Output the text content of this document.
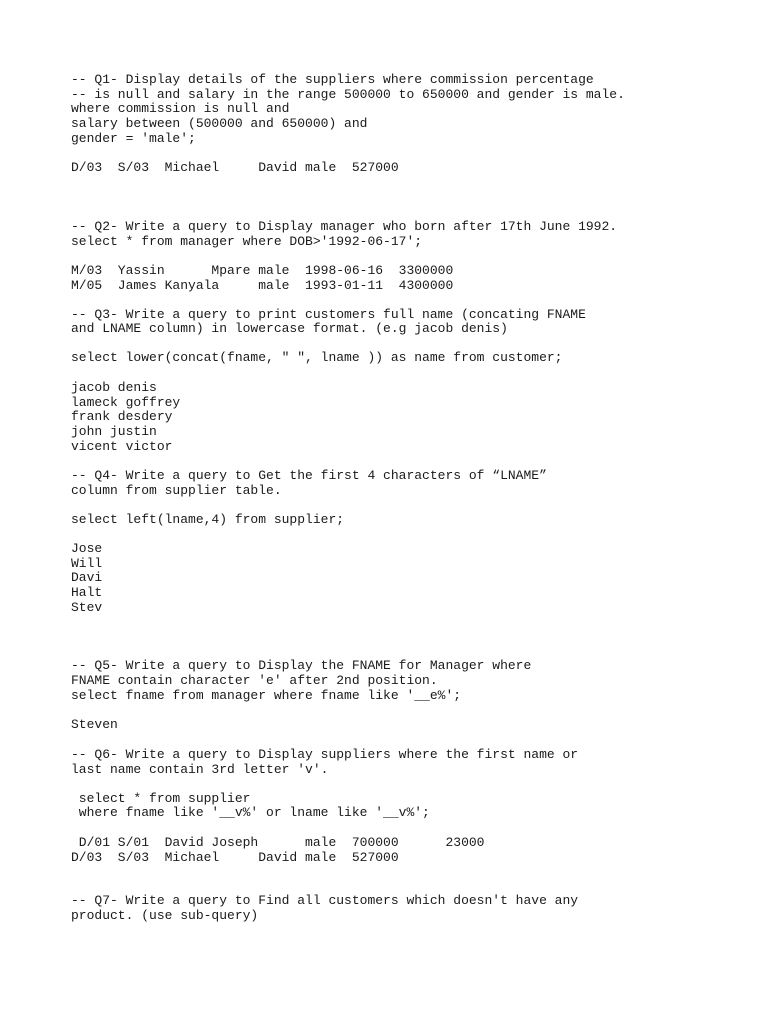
-- Q1- Display details of the suppliers where commission percentage

-- is null and salary in the range 500000 to 650000 and gender is male.

where commission is null and

salary between (500000 and 650000) and

gender = 'male';

D/03  S/03  Michael     David male  527000

-- Q2- Write a query to Display manager who born after 17th June 1992.

select * from manager where DOB>'1992-06-17';

M/03  Yassin      Mpare male  1998-06-16  3300000

M/05  James Kanyala     male  1993-01-11  4300000

-- Q3- Write a query to print customers full name (concating FNAME

and LNAME column) in lowercase format. (e.g jacob denis)

select lower(concat(fname, " ", lname )) as name from customer;

jacob denis

lameck goffrey

frank desdery

john justin

vicent victor

-- Q4- Write a query to Get the first 4 characters of “LNAME”

column from supplier table.

select left(lname,4) from supplier;

Jose

Will

Davi

Halt

Stev

-- Q5- Write a query to Display the FNAME for Manager where

FNAME contain character 'e' after 2nd position.

select fname from manager where fname like '__e%';

Steven

-- Q6- Write a query to Display suppliers where the first name or

last name contain 3rd letter 'v'.

select * from supplier

where fname like '__v%' or lname like '__v%';

D/01 S/01  David Joseph      male  700000      23000

D/03  S/03  Michael     David male  527000

-- Q7- Write a query to Find all customers which doesn't have any

product. (use sub-query)
